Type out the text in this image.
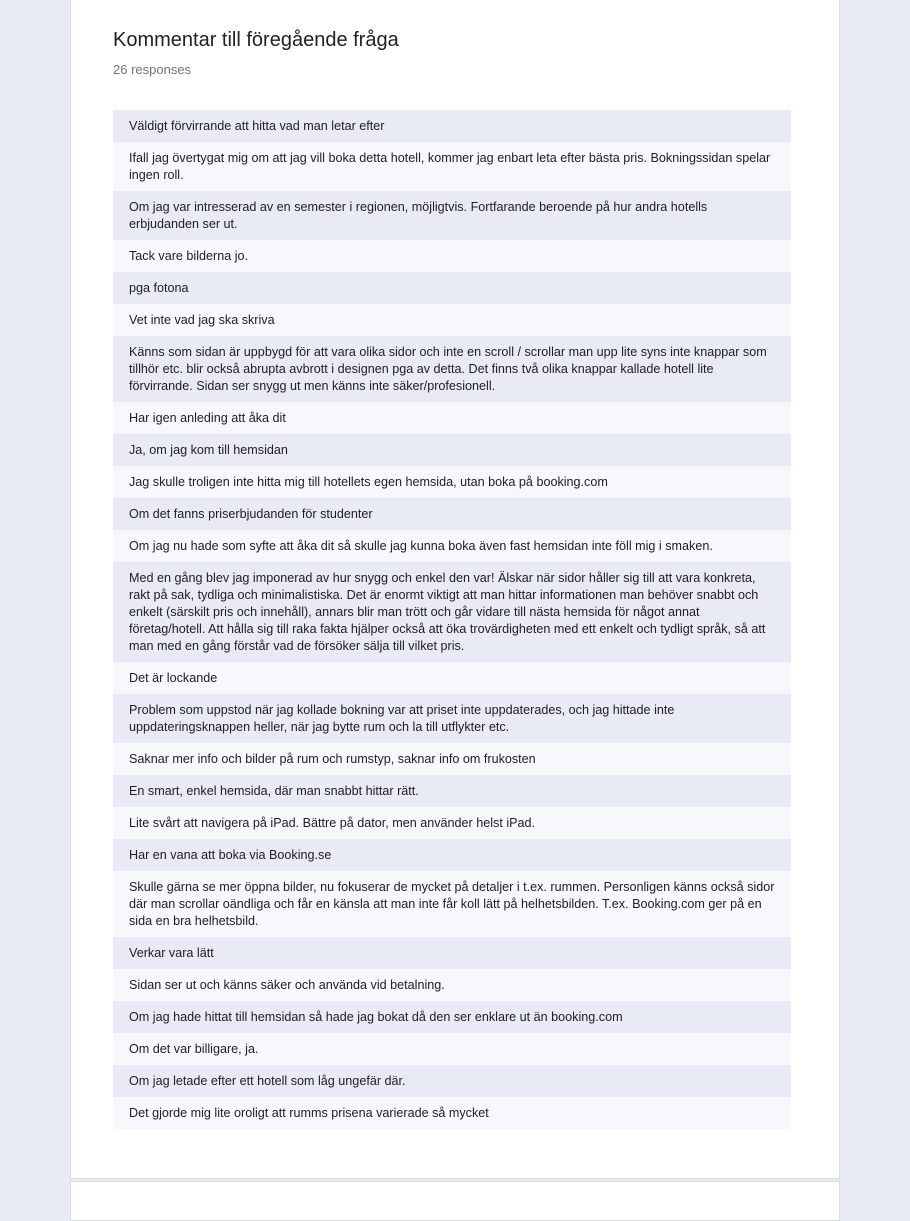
Kommentar till föregående fråga
26 responses
Väldigt förvirrande att hitta vad man letar efter
Ifall jag övertygat mig om att jag vill boka detta hotell, kommer jag enbart leta efter bästa pris. Bokningssidan spelar ingen roll.
Om jag var intresserad av en semester i regionen, möjligtvis. Fortfarande beroende på hur andra hotells erbjudanden ser ut.
Tack vare bilderna jo.
pga fotona
Vet inte vad jag ska skriva
Känns som sidan är uppbygd för att vara olika sidor och inte en scroll / scrollar man upp lite syns inte knappar som tillhör etc. blir också abrupta avbrott i designen pga av detta. Det finns två olika knappar kallade hotell lite förvirrande. Sidan ser snygg ut men känns inte säker/profesionell.
Har igen anleding att åka dit
Ja, om jag kom till hemsidan
Jag skulle troligen inte hitta mig till hotellets egen hemsida, utan boka på booking.com
Om det fanns priserbjudanden för studenter
Om jag nu hade som syfte att åka dit så skulle jag kunna boka även fast hemsidan inte föll mig i smaken.
Med en gång blev jag imponerad av hur snygg och enkel den var! Älskar när sidor håller sig till att vara konkreta, rakt på sak, tydliga och minimalistiska. Det är enormt viktigt att man hittar informationen man behöver snabbt och enkelt (särskilt pris och innehåll), annars blir man trött och går vidare till nästa hemsida för något annat företag/hotell. Att hålla sig till raka fakta hjälper också att öka trovärdigheten med ett enkelt och tydligt språk, så att man med en gång förstår vad de försöker sälja till vilket pris.
Det är lockande
Problem som uppstod när jag kollade bokning var att priset inte uppdaterades, och jag hittade inte uppdateringsknappen heller, när jag bytte rum och la till utflykter etc.
Saknar mer info och bilder på rum och rumstyp, saknar info om frukosten
En smart, enkel hemsida, där man snabbt hittar rätt.
Lite svårt att navigera på iPad. Bättre på dator, men använder helst iPad.
Har en vana att boka via Booking.se
Skulle gärna se mer öppna bilder, nu fokuserar de mycket på detaljer i t.ex. rummen. Personligen känns också sidor där man scrollar oändliga och får en känsla att man inte får koll lätt på helhetsbilden. T.ex. Booking.com ger på en sida en bra helhetsbild.
Verkar vara lätt
Sidan ser ut och känns säker och använda vid betalning.
Om jag hade hittat till hemsidan så hade jag bokat då den ser enklare ut än booking.com
Om det var billigare, ja.
Om jag letade efter ett hotell som låg ungefär där.
Det gjorde mig lite oroligt att rumms prisena varierade så mycket
